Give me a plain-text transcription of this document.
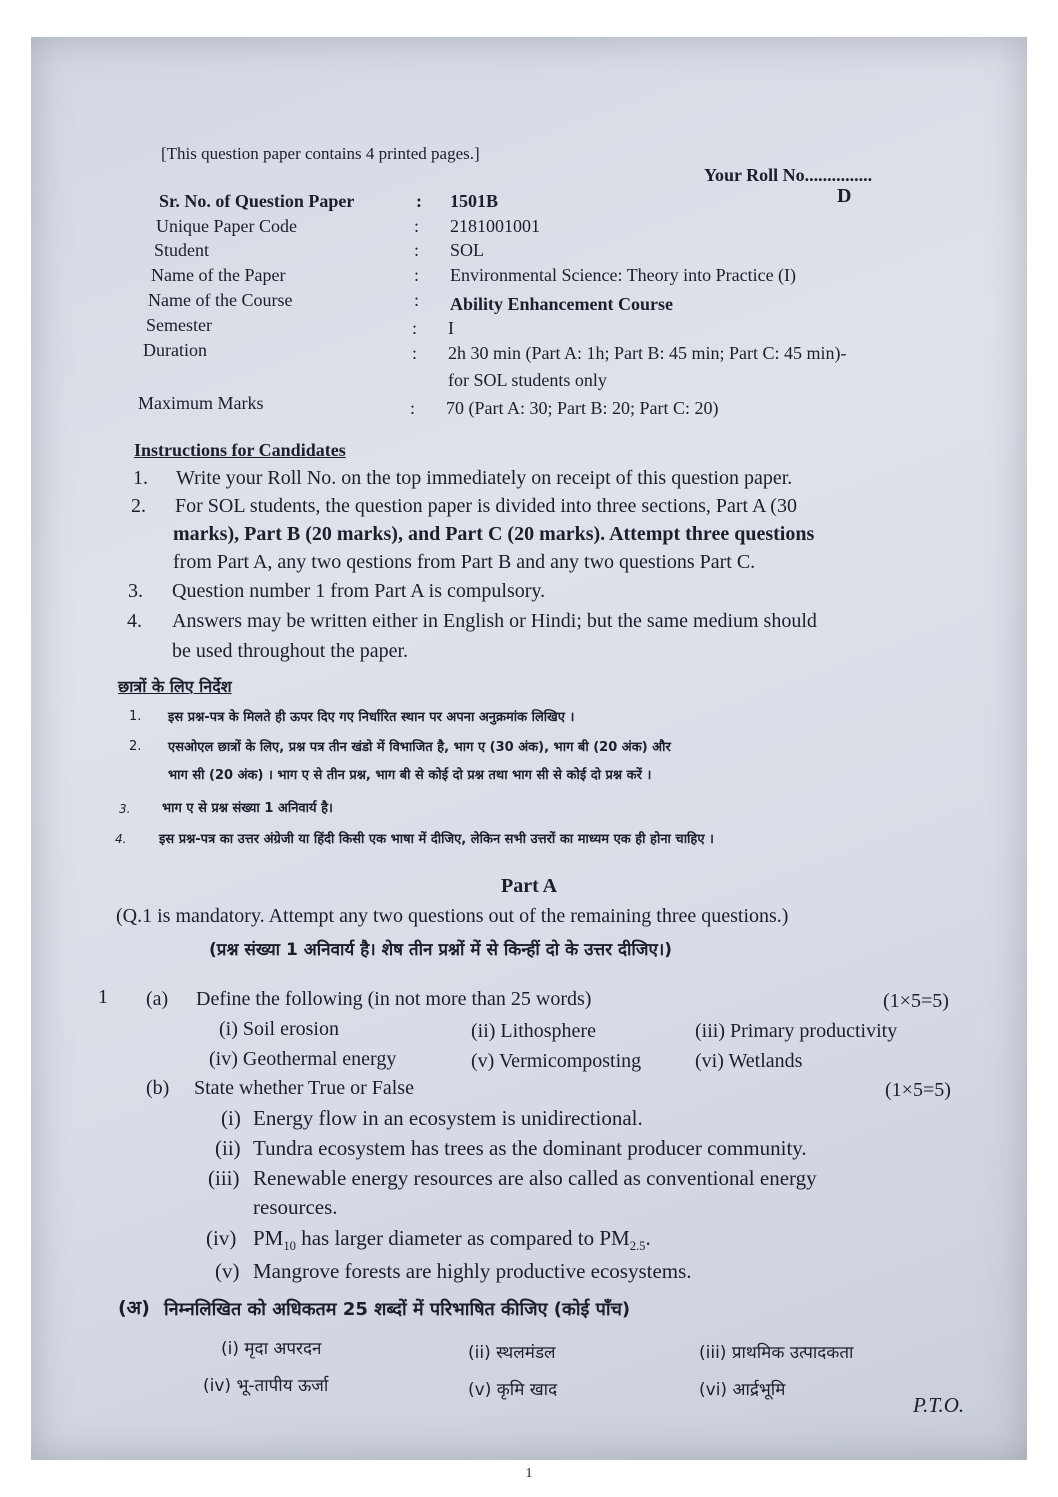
[This question paper contains 4 printed pages.]
Your Roll No...............
D
Sr. No. of Question Paper	: 1501B
Unique Paper Code	: 2181001001
Student	: SOL
Name of the Paper	: Environmental Science: Theory into Practice (I)
Name of the Course	: Ability Enhancement Course
Semester	: I
Duration	: 2h 30 min (Part A: 1h; Part B: 45 min; Part C: 45 min)-
for SOL students only
Maximum Marks	: 70 (Part A: 30; Part B: 20; Part C: 20)
Instructions for Candidates
1. Write your Roll No. on the top immediately on receipt of this question paper.
2. For SOL students, the question paper is divided into three sections, Part A (30
marks), Part B (20 marks), and Part C (20 marks). Attempt three questions
from Part A, any two qestions from Part B and any two questions Part C.
3. Question number 1 from Part A is compulsory.
4. Answers may be written either in English or Hindi; but the same medium should
be used throughout the paper.
छात्रों के लिए निर्देश
1. इस प्रश्न-पत्र के मिलते ही ऊपर दिए गए निर्धारित स्थान पर अपना अनुक्रमांक लिखिए ।
2. एसओएल छात्रों के लिए, प्रश्न पत्र तीन खंडो में विभाजित है, भाग ए (30 अंक), भाग बी (20 अंक) और
भाग सी (20 अंक) । भाग ए से तीन प्रश्न, भाग बी से कोई दो प्रश्न तथा भाग सी से कोई दो प्रश्न करें ।
3. भाग ए से प्रश्न संख्या 1 अनिवार्य है।
4.	इस प्रश्न-पत्र का उत्तर अंग्रेजी या हिंदी किसी एक भाषा में दीजिए, लेकिन सभी उत्तरों का माध्यम एक ही होना चाहिए ।
Part A
(Q.1 is mandatory. Attempt any two questions out of the remaining three questions.)
(प्रश्न संख्या 1 अनिवार्य है। शेष तीन प्रश्नों में से किन्हीं दो के उत्तर दीजिए।)
1 (a) Define the following (in not more than 25 words)	(1×5=5)
(i) Soil erosion	(ii) Lithosphere	(iii) Primary productivity
(iv) Geothermal energy	(v) Vermicomposting	(vi) Wetlands
(b) State whether True or False	(1×5=5)
(i) Energy flow in an ecosystem is unidirectional.
(ii) Tundra ecosystem has trees as the dominant producer community.
(iii) Renewable energy resources are also called as conventional energy
resources.
(iv) $PM_{10}$ has larger diameter as compared to $PM_{2.5}$.
(v) Mangrove forests are highly productive ecosystems.
(अ) निम्नलिखित को अधिकतम 25 शब्दों में परिभाषित कीजिए (कोई पाँच)
(i) मृदा अपरदन	(ii) स्थलमंडल	(iii) प्राथमिक उत्पादकता
(iv) भू-तापीय ऊर्जा	(v) कृमि खाद	(vi) आर्द्रभूमि
P.T.O.
1
